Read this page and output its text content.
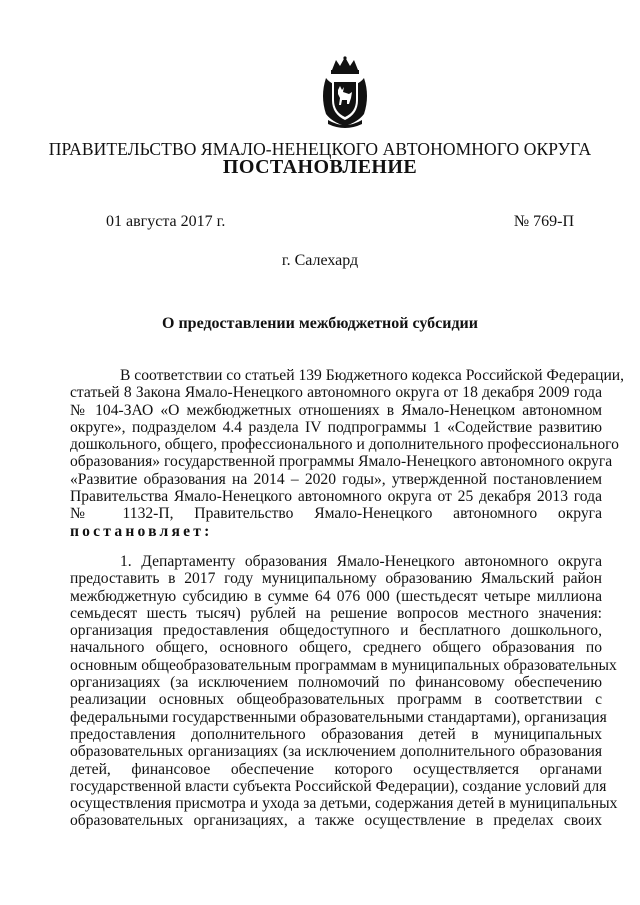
ПРАВИТЕЛЬСТВО ЯМАЛО-НЕНЕЦКОГО АВТОНОМНОГО ОКРУГА
ПОСТАНОВЛЕНИЕ
01 августа 2017 г.	№ 769-П
г. Салехард
О предоставлении межбюджетной субсидии
В соответствии со статьей 139 Бюджетного кодекса Российской Федерации,
статьей 8 Закона Ямало-Ненецкого автономного округа от 18 декабря 2009 года
№ 104-ЗАО «О межбюджетных отношениях в Ямало-Ненецком автономном
округе», подразделом 4.4 раздела IV подпрограммы 1 «Содействие развитию
дошкольного, общего, профессионального и дополнительного профессионального
образования» государственной программы Ямало-Ненецкого автономного округа
«Развитие образования на 2014 – 2020 годы», утвержденной постановлением
Правительства Ямало-Ненецкого автономного округа от 25 декабря 2013 года
№ 1132-П, Правительство Ямало-Ненецкого автономного округа
постановляет:
1. Департаменту образования Ямало-Ненецкого автономного округа
предоставить в 2017 году муниципальному образованию Ямальский район
межбюджетную субсидию в сумме 64 076 000 (шестьдесят четыре миллиона
семьдесят шесть тысяч) рублей на решение вопросов местного значения:
организация предоставления общедоступного и бесплатного дошкольного,
начального общего, основного общего, среднего общего образования по
основным общеобразовательным программам в муниципальных образовательных
организациях (за исключением полномочий по финансовому обеспечению
реализации основных общеобразовательных программ в соответствии с
федеральными государственными образовательными стандартами), организация
предоставления дополнительного образования детей в муниципальных
образовательных организациях (за исключением дополнительного образования
детей, финансовое обеспечение которого осуществляется органами
государственной власти субъекта Российской Федерации), создание условий для
осуществления присмотра и ухода за детьми, содержания детей в муниципальных
образовательных организациях, а также осуществление в пределах своих
